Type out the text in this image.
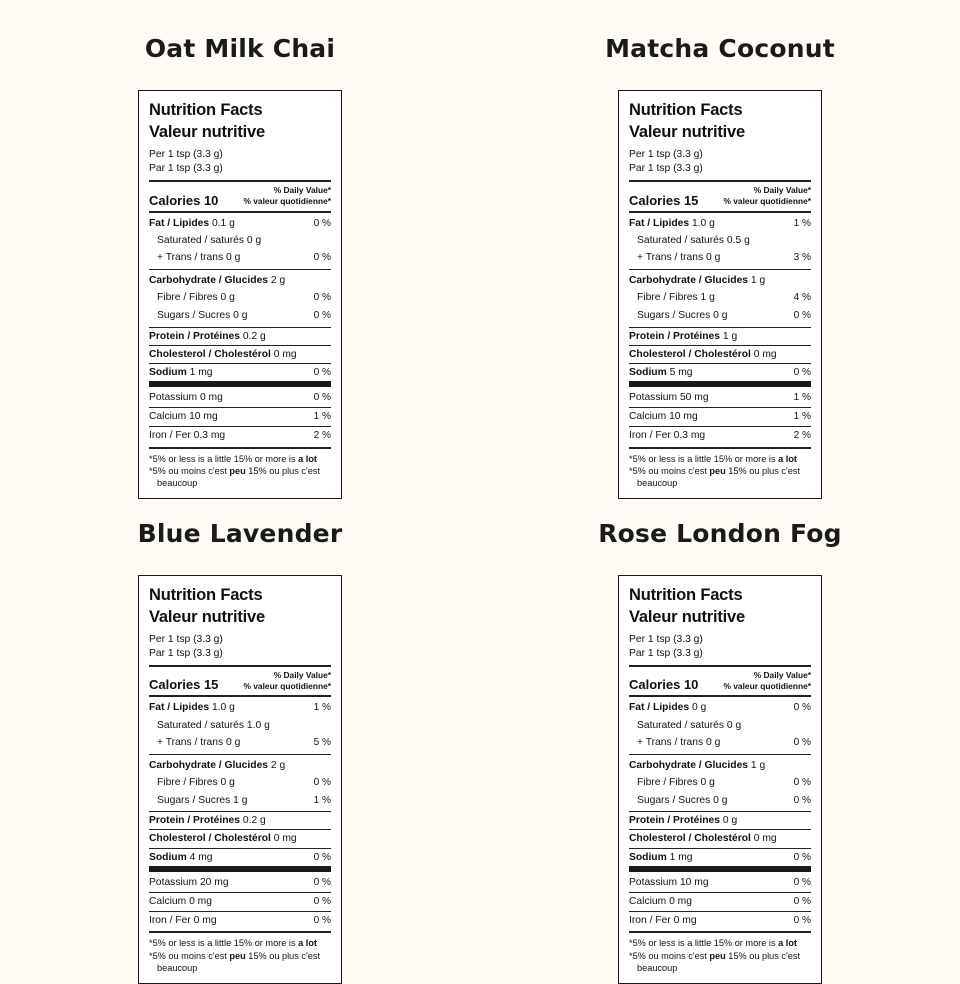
Oat Milk Chai
Nutrition Facts
Valeur nutritive
Per 1 tsp (3.3 g)
Par 1 tsp (3.3 g)
Calories 10
% Daily Value*
% valeur quotidienne*
Fat / Lipides 0.1 g	0 %
Saturated / saturés 0 g
+ Trans / trans 0 g	0 %
Carbohydrate / Glucides 2 g
Fibre / Fibres 0 g	0 %
Sugars / Sucres 0 g	0 %
Protein / Protéines 0.2 g
Cholesterol / Cholestérol 0 mg
Sodium 1 mg	0 %
Potassium 0 mg	0 %
Calcium 10 mg	1 %
Iron / Fer 0.3 mg	2 %
*5% or less is a little 15% or more is a lot
*5% ou moins c'est peu 15% ou plus c'est
beaucoup
Matcha Coconut
Nutrition Facts
Valeur nutritive
Per 1 tsp (3.3 g)
Par 1 tsp (3.3 g)
Calories 15
% Daily Value*
% valeur quotidienne*
Fat / Lipides 1.0 g	1 %
Saturated / saturés 0.5 g
+ Trans / trans 0 g	3 %
Carbohydrate / Glucides 1 g
Fibre / Fibres 1 g	4 %
Sugars / Sucres 0 g	0 %
Protein / Protéines 1 g
Cholesterol / Cholestérol 0 mg
Sodium 5 mg	0 %
Potassium 50 mg	1 %
Calcium 10 mg	1 %
Iron / Fer 0.3 mg	2 %
*5% or less is a little 15% or more is a lot
*5% ou moins c'est peu 15% ou plus c'est
beaucoup
Blue Lavender
Nutrition Facts
Valeur nutritive
Per 1 tsp (3.3 g)
Par 1 tsp (3.3 g)
Calories 15
% Daily Value*
% valeur quotidienne*
Fat / Lipides 1.0 g	1 %
Saturated / saturés 1.0 g
+ Trans / trans 0 g	5 %
Carbohydrate / Glucides 2 g
Fibre / Fibres 0 g	0 %
Sugars / Sucres 1 g	1 %
Protein / Protéines 0.2 g
Cholesterol / Cholestérol 0 mg
Sodium 4 mg	0 %
Potassium 20 mg	0 %
Calcium 0 mg	0 %
Iron / Fer 0 mg	0 %
*5% or less is a little 15% or more is a lot
*5% ou moins c'est peu 15% ou plus c'est
beaucoup
Rose London Fog
Nutrition Facts
Valeur nutritive
Per 1 tsp (3.3 g)
Par 1 tsp (3.3 g)
Calories 10
% Daily Value*
% valeur quotidienne*
Fat / Lipides 0 g	0 %
Saturated / saturés 0 g
+ Trans / trans 0 g	0 %
Carbohydrate / Glucides 1 g
Fibre / Fibres 0 g	0 %
Sugars / Sucres 0 g	0 %
Protein / Protéines 0 g
Cholesterol / Cholestérol 0 mg
Sodium 1 mg	0 %
Potassium 10 mg	0 %
Calcium 0 mg	0 %
Iron / Fer 0 mg	0 %
*5% or less is a little 15% or more is a lot
*5% ou moins c'est peu 15% ou plus c'est
beaucoup
